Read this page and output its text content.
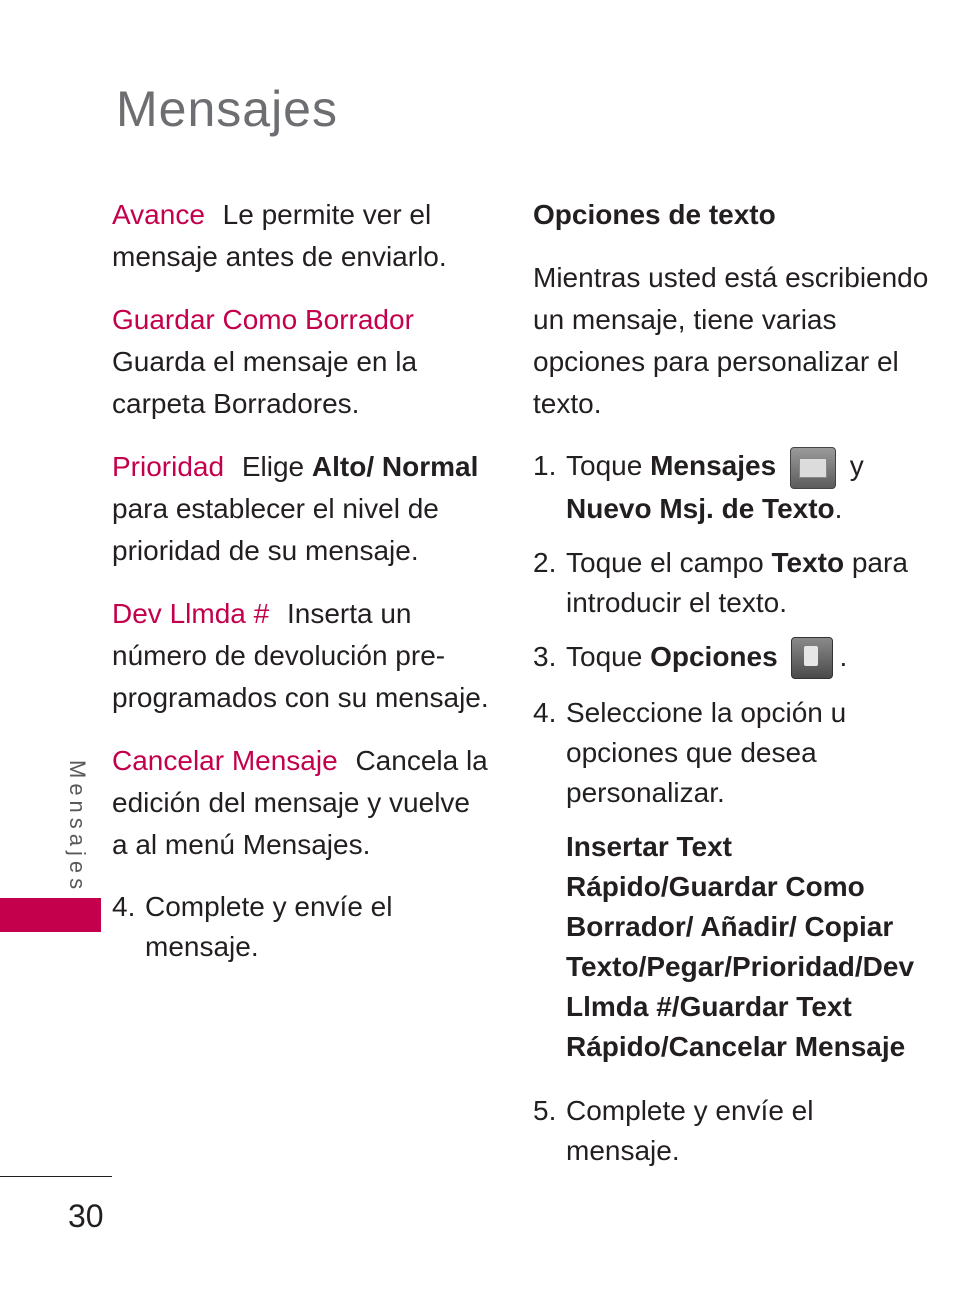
Mensajes

Avance Le permite ver el mensaje antes de enviarlo.

Guardar Como Borrador
Guarda el mensaje en la carpeta Borradores.

Prioridad Elige Alto/ Normal para establecer el nivel de prioridad de su mensaje.

Dev Llmda # Inserta un número de devolución pre-programados con su mensaje.

Cancelar Mensaje Cancela la edición del mensaje y vuelve a al menú Mensajes.

4. Complete y envíe el mensaje.
Opciones de texto

Mientras usted está escribiendo un mensaje, tiene varias opciones para personalizar el texto.

1. Toque Mensajes	y
Nuevo Msj. de Texto.
2. Toque el campo Texto para introducir el texto.
3. Toque Opciones .
4. Seleccione la opción u opciones que desea personalizar.
Insertar Text Rápido/Guardar Como Borrador/ Añadir/ Copiar Texto/Pegar/Prioridad/Dev Llmda #/Guardar Text Rápido/Cancelar Mensaje
5. Complete y envíe el mensaje.
Mensajes
30
